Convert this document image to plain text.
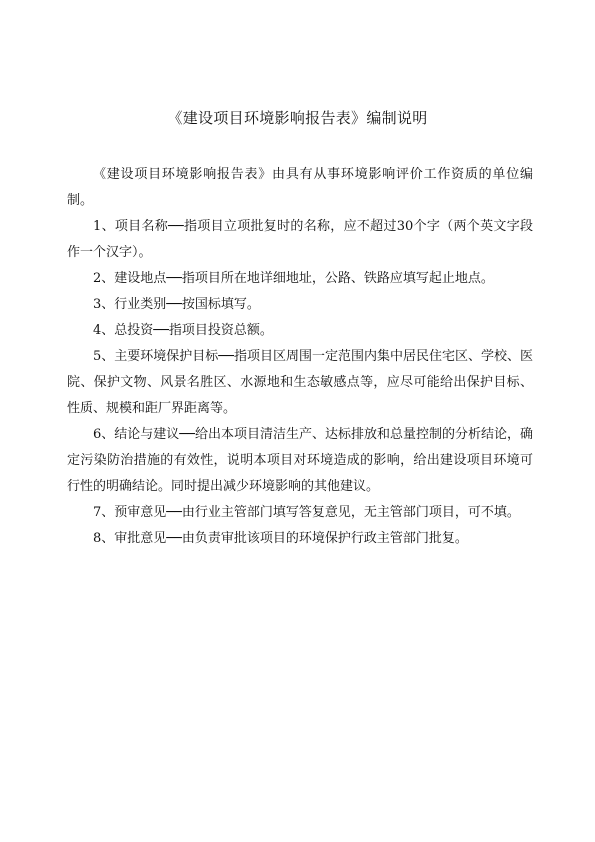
《建设项目环境影响报告表》编制说明

《建设项目环境影响报告表》由具有从事环境影响评价工作资质的单位编制。

1、项目名称──指项目立项批复时的名称，应不超过30个字（两个英文字段作一个汉字）。

2、建设地点──指项目所在地详细地址，公路、铁路应填写起止地点。

3、行业类别──按国标填写。

4、总投资──指项目投资总额。

5、主要环境保护目标──指项目区周围一定范围内集中居民住宅区、学校、医院、保护文物、风景名胜区、水源地和生态敏感点等，应尽可能给出保护目标、性质、规模和距厂界距离等。

6、结论与建议──给出本项目清洁生产、达标排放和总量控制的分析结论，确定污染防治措施的有效性，说明本项目对环境造成的影响，给出建设项目环境可行性的明确结论。同时提出减少环境影响的其他建议。

7、预审意见──由行业主管部门填写答复意见，无主管部门项目，可不填。

8、审批意见──由负责审批该项目的环境保护行政主管部门批复。
